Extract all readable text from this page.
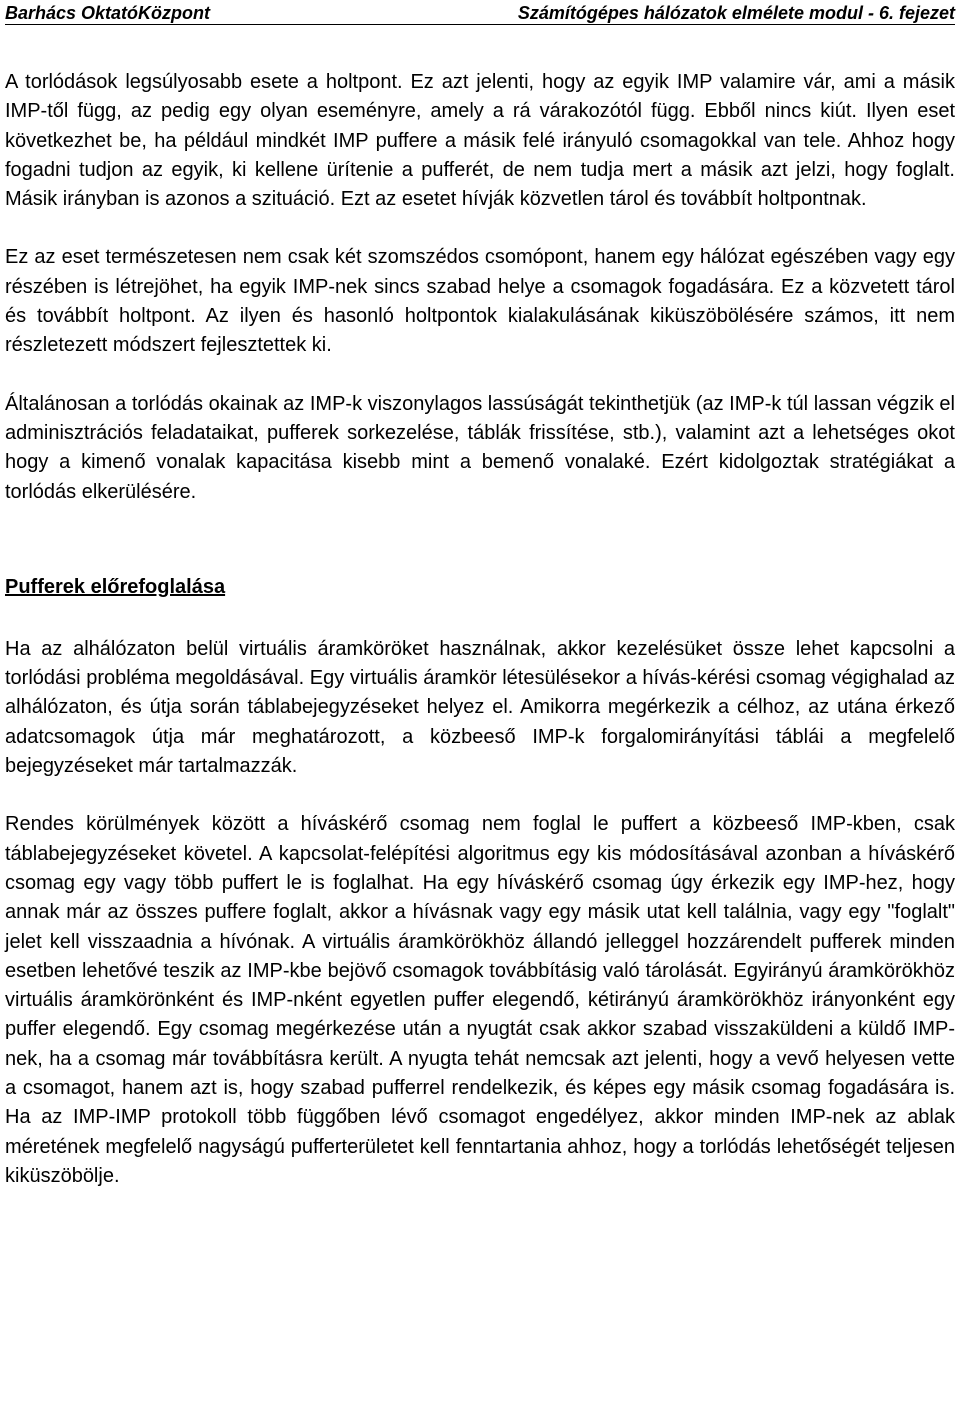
Barhács OktatóKözpont	Számítógépes hálózatok elmélete modul - 6. fejezet

A torlódások legsúlyosabb esete a holtpont. Ez azt jelenti, hogy az egyik IMP valamire vár, ami a másik IMP-től függ, az pedig egy olyan eseményre, amely a rá várakozótól függ. Ebből nincs kiút. Ilyen eset következhet be, ha például mindkét IMP puffere a másik felé irányuló csomagokkal van tele. Ahhoz hogy fogadni tudjon az egyik, ki kellene ürítenie a pufferét, de nem tudja mert a másik azt jelzi, hogy foglalt. Másik irányban is azonos a szituáció. Ezt az esetet hívják közvetlen tárol és továbbít holtpontnak.

Ez az eset természetesen nem csak két szomszédos csomópont, hanem egy hálózat egészében vagy egy részében is létrejöhet, ha egyik IMP-nek sincs szabad helye a csomagok fogadására. Ez a közvetett tárol és továbbít holtpont. Az ilyen és hasonló holtpontok kialakulásának kiküszöbölésére számos, itt nem részletezett módszert fejlesztettek ki.

Általánosan a torlódás okainak az IMP-k viszonylagos lassúságát tekinthetjük (az IMP-k túl lassan végzik el adminisztrációs feladataikat, pufferek sorkezelése, táblák frissítése, stb.), valamint azt a lehetséges okot hogy a kimenő vonalak kapacitása kisebb mint a bemenő vonalaké. Ezért kidolgoztak stratégiákat a torlódás elkerülésére.

Pufferek előrefoglalása

Ha az alhálózaton belül virtuális áramköröket használnak, akkor kezelésüket össze lehet kapcsolni a torlódási probléma megoldásával. Egy virtuális áramkör létesülésekor a hívás-kérési csomag végighalad az alhálózaton, és útja során táblabejegyzéseket helyez el. Amikorra megérkezik a célhoz, az utána érkező adatcsomagok útja már meghatározott, a közbeeső IMP-k forgalomirányítási táblái a megfelelő bejegyzéseket már tartalmazzák.

Rendes körülmények között a híváskérő csomag nem foglal le puffert a közbeeső IMP-kben, csak táblabejegyzéseket követel. A kapcsolat-felépítési algoritmus egy kis módosításával azonban a híváskérő csomag egy vagy több puffert le is foglalhat. Ha egy híváskérő csomag úgy érkezik egy IMP-hez, hogy annak már az összes puffere foglalt, akkor a hívásnak vagy egy másik utat kell találnia, vagy egy "foglalt" jelet kell visszaadnia a hívónak. A virtuális áramkörökhöz állandó jelleggel hozzárendelt pufferek minden esetben lehetővé teszik az IMP-kbe bejövő csomagok továbbításig való tárolását. Egyirányú áramkörökhöz virtuális áramkörönként és IMP-nként egyetlen puffer elegendő, kétirányú áramkörökhöz irányonként egy puffer elegendő. Egy csomag megérkezése után a nyugtát csak akkor szabad visszaküldeni a küldő IMP-nek, ha a csomag már továbbításra került. A nyugta tehát nemcsak azt jelenti, hogy a vevő helyesen vette a csomagot, hanem azt is, hogy szabad pufferrel rendelkezik, és képes egy másik csomag fogadására is. Ha az IMP-IMP protokoll több függőben lévő csomagot engedélyez, akkor minden IMP-nek az ablak méretének megfelelő nagyságú pufferterületet kell fenntartania ahhoz, hogy a torlódás lehetőségét teljesen kiküszöbölje.
